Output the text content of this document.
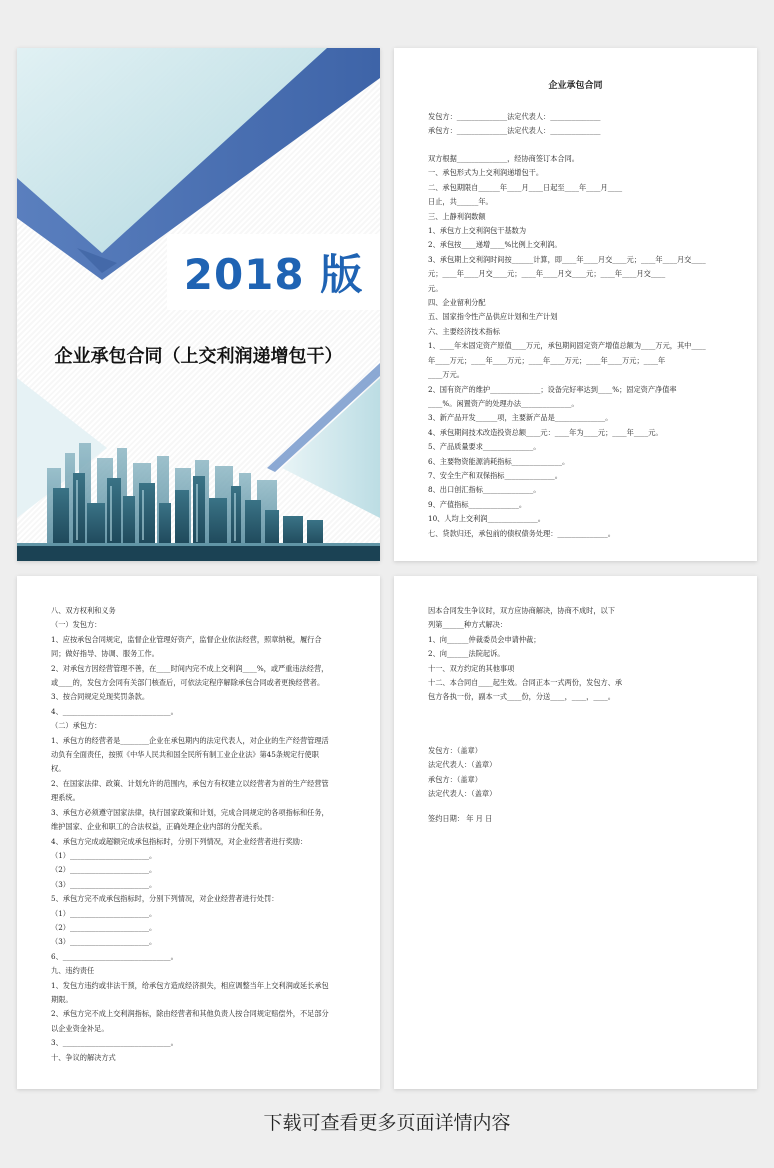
2018 版
企业承包合同（上交利润递增包干）
企业承包合同
发包方：______________法定代表人：______________
承包方：______________法定代表人：______________
双方根据______________，经协商签订本合同。
一、承包形式为上交利润递增包干。
二、承包期限自______年____月____日起至____年____月____
日止，共______年。
三、上静利润数额
1、承包方上交利润包干基数为
2、承包按____递增____%比例上交利润。
3、承包期上交利润时间按______计算，即____年____月交____元；____年____月交____
元；____年____月交____元；____年____月交____元；____年____月交____
元。
四、企业留利分配
五、国家指令性产品供应计划和生产计划
六、主要经济技术指标
1、____年末固定资产原值____万元，承包期间固定资产增值总额为____万元，其中____
年____万元；____年____万元；____年____万元；____年____万元；____年
____万元。
2、国有资产的维护______________；设备完好率达到____%；固定资产净值率
____%。闲置资产的处理办法______________。
3、新产品开发______项，主要新产品是______________。
4、承包期间技术改造投资总额____元：____年为____元；____年____元。
5、产品质量要求______________。
6、主要物资能源消耗指标______________。
7、安全生产和双保指标______________。
8、出口创汇指标______________。
9、产值指标______________。
10、人均上交利润______________。
七、贷款归还，承包前的债权债务处理：______________。
八、双方权利和义务
（一）发包方：
1、应按承包合同规定，监督企业管理好资产，监督企业依法经营，照章纳税，履行合
同；做好指导、协调、服务工作。
2、对承包方因经营管理不善，在____时间内完不成上交利润____%，或严重违法经营，
或____的，发包方会同有关部门核查后，可依法定程序解除承包合同或者更换经营者。
3、按合同规定兑现奖罚条款。
4、______________________________。
（二）承包方：
1、承包方的经营者是________企业在承包期内的法定代表人，对企业的生产经营管理活
动负有全面责任，按照《中华人民共和国全民所有制工业企业法》第45条规定行使职
权。
2、在国家法律、政策、计划允许的范围内，承包方有权建立以经营者为首的生产经营管
理系统。
3、承包方必须遵守国家法律，执行国家政策和计划，完成合同规定的各项指标和任务，
维护国家、企业和职工的合法权益，正确处理企业内部的分配关系。
4、承包方完成或超额完成承包指标时，分别下列情况，对企业经营者进行奖励：
（1）______________________。
（2）______________________。
（3）______________________。
5、承包方完不成承包指标时，分别下列情况，对企业经营者进行处罚：
（1）______________________。
（2）______________________。
（3）______________________。
6、______________________________。
九、违约责任
1、发包方违约或非法干预，给承包方造成经济损失，相应调整当年上交利润或延长承包
期限。
2、承包方完不成上交利润指标，除由经营者和其他负责人按合同规定赔偿外，不足部分
以企业资金补足。
3、______________________________。
十、争议的解决方式
因本合同发生争议时，双方应协商解决，协商不成时，以下
列第______种方式解决：
1、向______仲裁委员会申请仲裁；
2、向______法院起诉。
十一、双方约定的其他事项
十二、本合同自____起生效。合同正本一式两份，发包方、承
包方各执一份，副本一式____份，分送____，____，____。
发包方：（盖章）
法定代表人：（盖章）
承包方：（盖章）
法定代表人：（盖章）
签约日期： 年 月 日
下载可查看更多页面详情内容
